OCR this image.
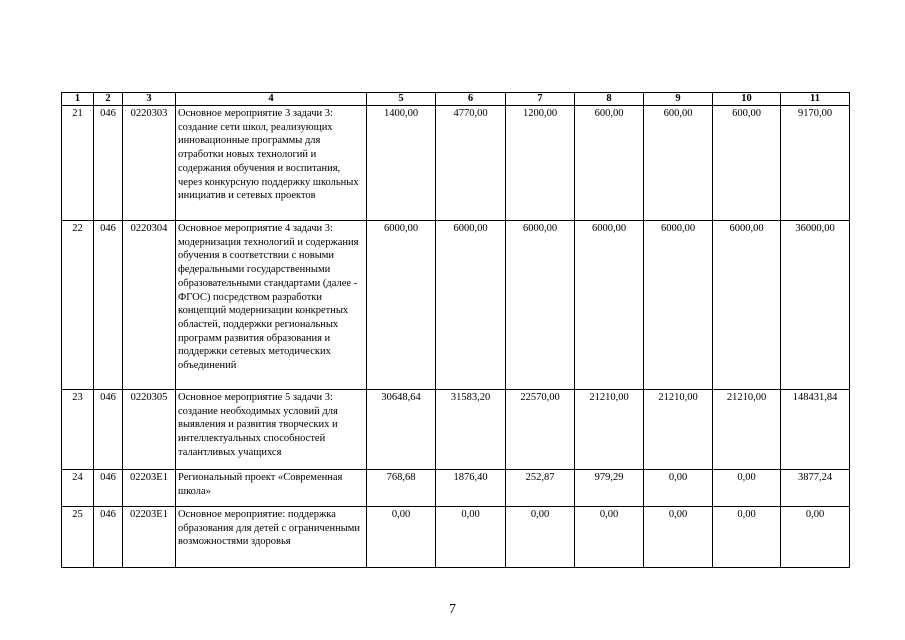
1	2	3	4	5	6	7	8	9	10	11
21	046	0220303	Основное мероприятие 3 задачи 3: создание сети школ, реализующих инновационные программы для отработки новых технологий и содержания обучения и воспитания, через конкурсную поддержку школьных инициатив и сетевых проектов	1400,00	4770,00	1200,00	600,00	600,00	600,00	9170,00
22	046	0220304	Основное мероприятие 4 задачи 3: модернизация технологий и содержания обучения в соответствии с новыми федеральными государственными образовательными стандартами (далее - ФГОС) посредством разработки концепций модернизации конкретных областей, поддержки региональных программ развития образования и поддержки сетевых методических объединений	6000,00	6000,00	6000,00	6000,00	6000,00	6000,00	36000,00
23	046	0220305	Основное мероприятие 5 задачи 3: создание необходимых условий для выявления и развития творческих и интеллектуальных способностей талантливых учащихся	30648,64	31583,20	22570,00	21210,00	21210,00	21210,00	148431,84
24	046	02203E1	Региональный проект «Современная школа»	768,68	1876,40	252,87	979,29	0,00	0,00	3877,24
25	046	02203E1	Основное мероприятие: поддержка образования для детей с ограниченными возможностями здоровья	0,00	0,00	0,00	0,00	0,00	0,00	0,00
7
